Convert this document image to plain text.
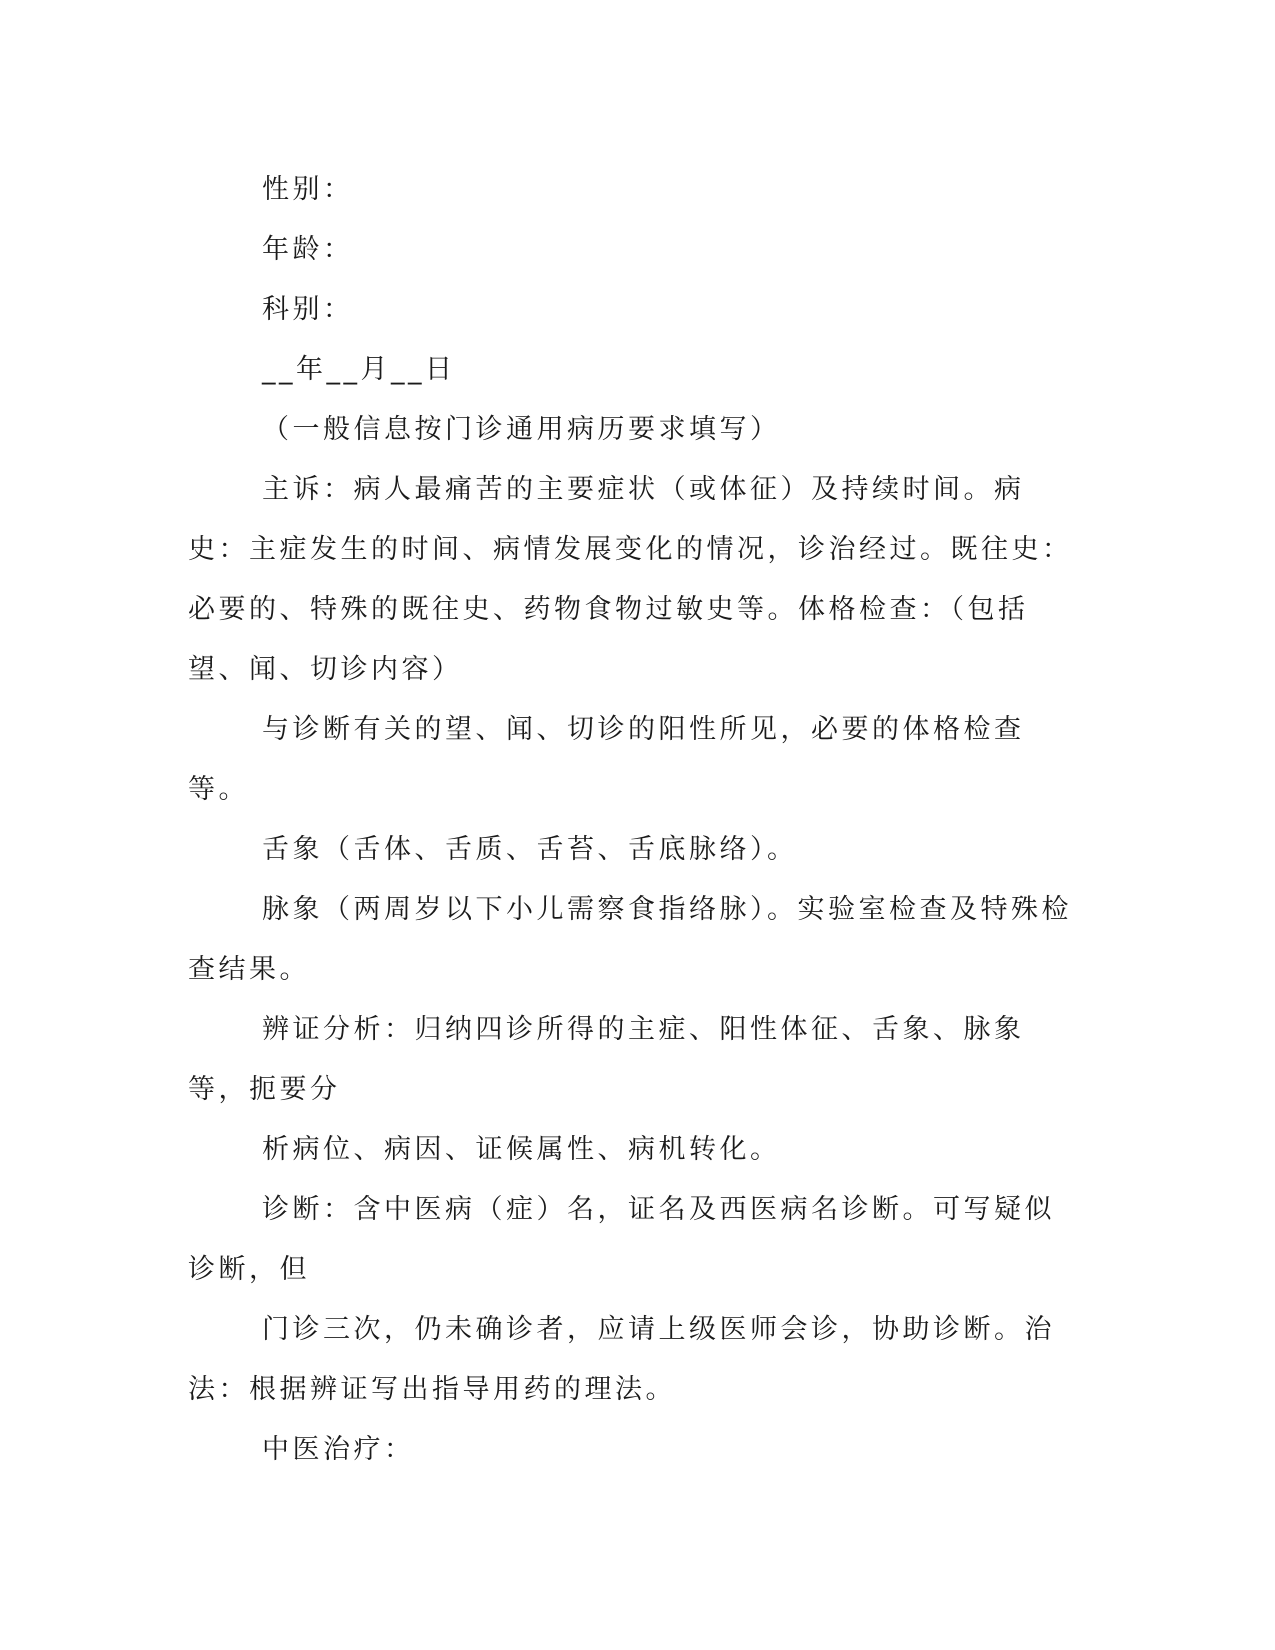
性别：

年龄：

科别：

__年__月__日

（一般信息按门诊通用病历要求填写）

主诉：病人最痛苦的主要症状（或体征）及持续时间。病史：主症发生的时间、病情发展变化的情况，诊治经过。既往史：必要的、特殊的既往史、药物食物过敏史等。体格检查：（包括望、闻、切诊内容）

与诊断有关的望、闻、切诊的阳性所见，必要的体格检查等。

舌象（舌体、舌质、舌苔、舌底脉络）。

脉象（两周岁以下小儿需察食指络脉）。实验室检查及特殊检查结果。

辨证分析：归纳四诊所得的主症、阳性体征、舌象、脉象等，扼要分

析病位、病因、证候属性、病机转化。

诊断：含中医病（症）名，证名及西医病名诊断。可写疑似诊断，但

门诊三次，仍未确诊者，应请上级医师会诊，协助诊断。治法：根据辨证写出指导用药的理法。

中医治疗：
